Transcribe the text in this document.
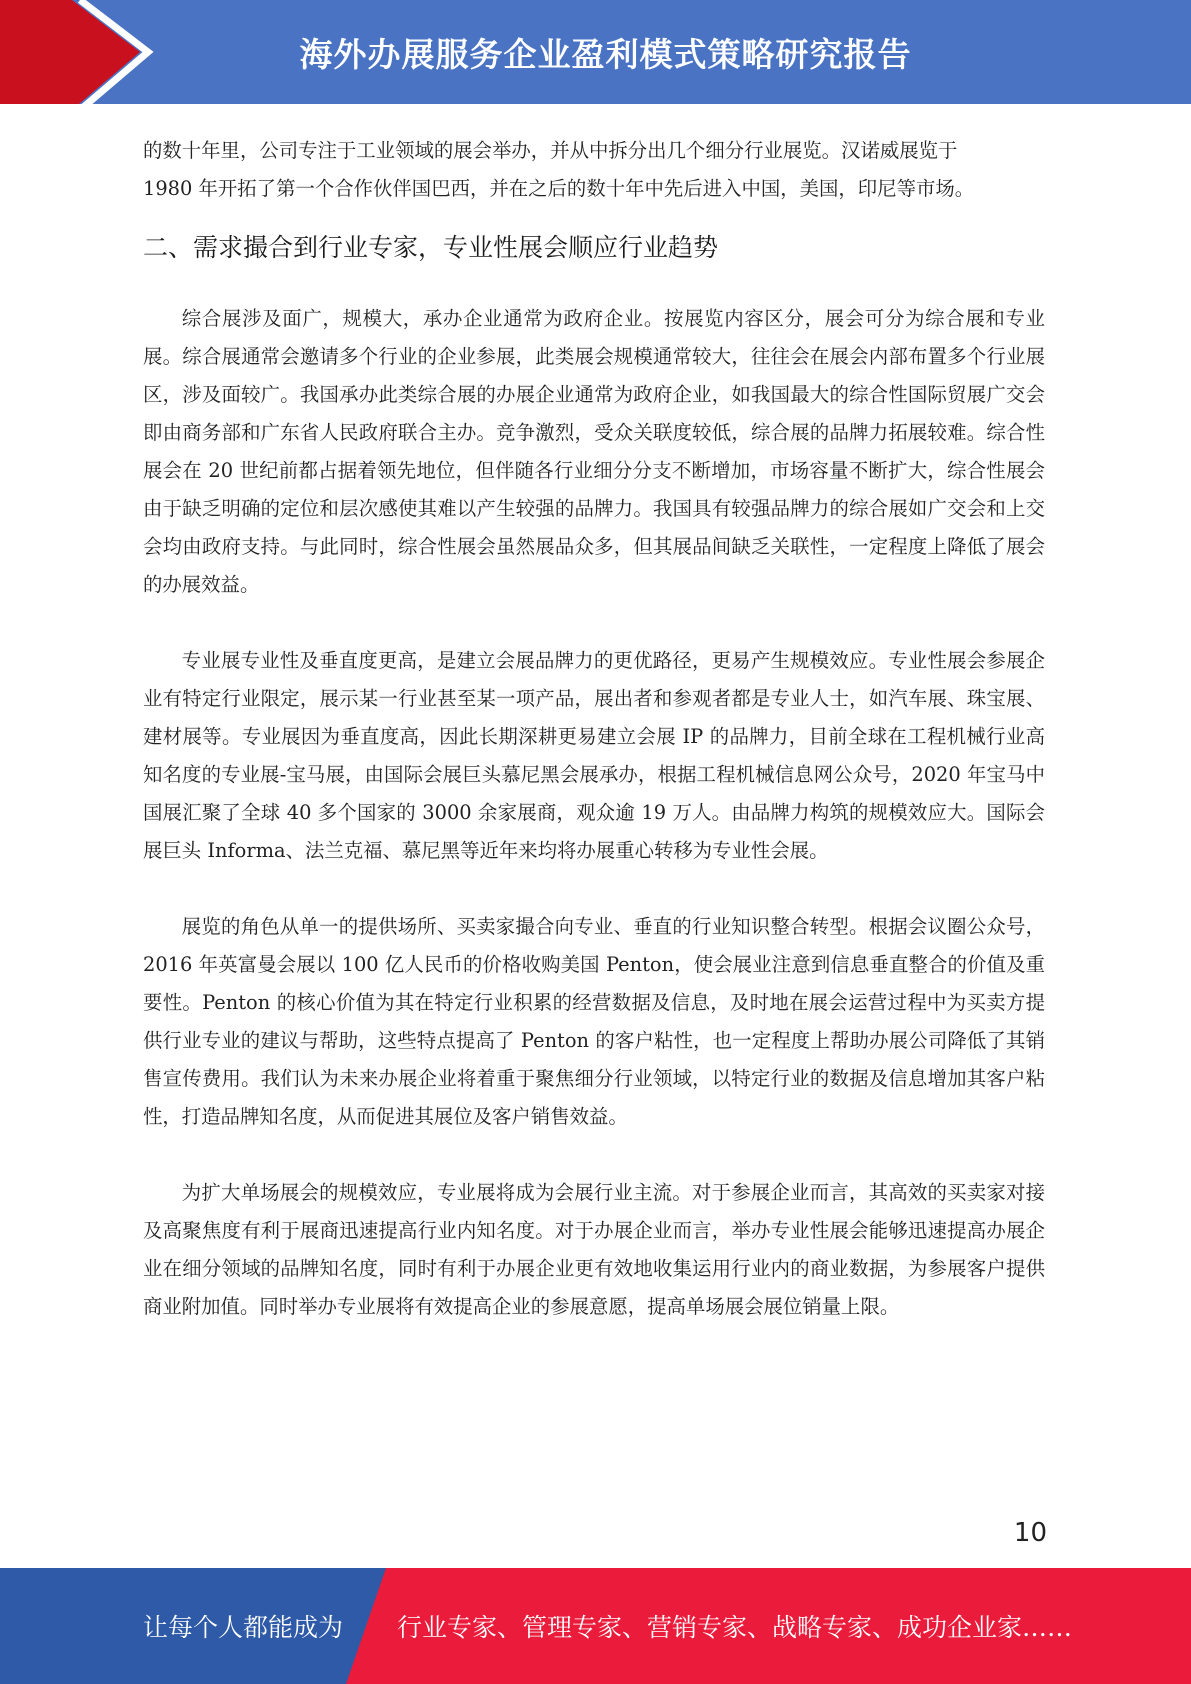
海外办展服务企业盈利模式策略研究报告

的数十年里，公司专注于工业领域的展会举办，并从中拆分出几个细分行业展览。汉诺威展览于

1980 年开拓了第一个合作伙伴国巴西，并在之后的数十年中先后进入中国，美国，印尼等市场。

二、需求撮合到行业专家，专业性展会顺应行业趋势

综合展涉及面广，规模大，承办企业通常为政府企业。按展览内容区分，展会可分为综合展和专业展。综合展通常会邀请多个行业的企业参展，此类展会规模通常较大，往往会在展会内部布置多个行业展区，涉及面较广。我国承办此类综合展的办展企业通常为政府企业，如我国最大的综合性国际贸展广交会即由商务部和广东省人民政府联合主办。竞争激烈，受众关联度较低，综合展的品牌力拓展较难。综合性展会在 20 世纪前都占据着领先地位，但伴随各行业细分分支不断增加，市场容量不断扩大，综合性展会由于缺乏明确的定位和层次感使其难以产生较强的品牌力。我国具有较强品牌力的综合展如广交会和上交会均由政府支持。与此同时，综合性展会虽然展品众多，但其展品间缺乏关联性，一定程度上降低了展会的办展效益。

专业展专业性及垂直度更高，是建立会展品牌力的更优路径，更易产生规模效应。专业性展会参展企业有特定行业限定，展示某一行业甚至某一项产品，展出者和参观者都是专业人士，如汽车展、珠宝展、建材展等。专业展因为垂直度高，因此长期深耕更易建立会展 IP 的品牌力，目前全球在工程机械行业高知名度的专业展-宝马展，由国际会展巨头慕尼黑会展承办，根据工程机械信息网公众号，2020 年宝马中国展汇聚了全球 40 多个国家的 3000 余家展商，观众逾 19 万人。由品牌力构筑的规模效应大。国际会展巨头 Informa、法兰克福、慕尼黑等近年来均将办展重心转移为专业性会展。

展览的角色从单一的提供场所、买卖家撮合向专业、垂直的行业知识整合转型。根据会议圈公众号，2016 年英富曼会展以 100 亿人民币的价格收购美国 Penton，使会展业注意到信息垂直整合的价值及重要性。Penton 的核心价值为其在特定行业积累的经营数据及信息，及时地在展会运营过程中为买卖方提供行业专业的建议与帮助，这些特点提高了 Penton 的客户粘性，也一定程度上帮助办展公司降低了其销售宣传费用。我们认为未来办展企业将着重于聚焦细分行业领域，以特定行业的数据及信息增加其客户粘性，打造品牌知名度，从而促进其展位及客户销售效益。

为扩大单场展会的规模效应，专业展将成为会展行业主流。对于参展企业而言，其高效的买卖家对接及高聚焦度有利于展商迅速提高行业内知名度。对于办展企业而言，举办专业性展会能够迅速提高办展企业在细分领域的品牌知名度，同时有利于办展企业更有效地收集运用行业内的商业数据，为参展客户提供商业附加值。同时举办专业展将有效提高企业的参展意愿，提高单场展会展位销量上限。

10
让每个人都能成为 行业专家、管理专家、营销专家、战略专家、成功企业家……
